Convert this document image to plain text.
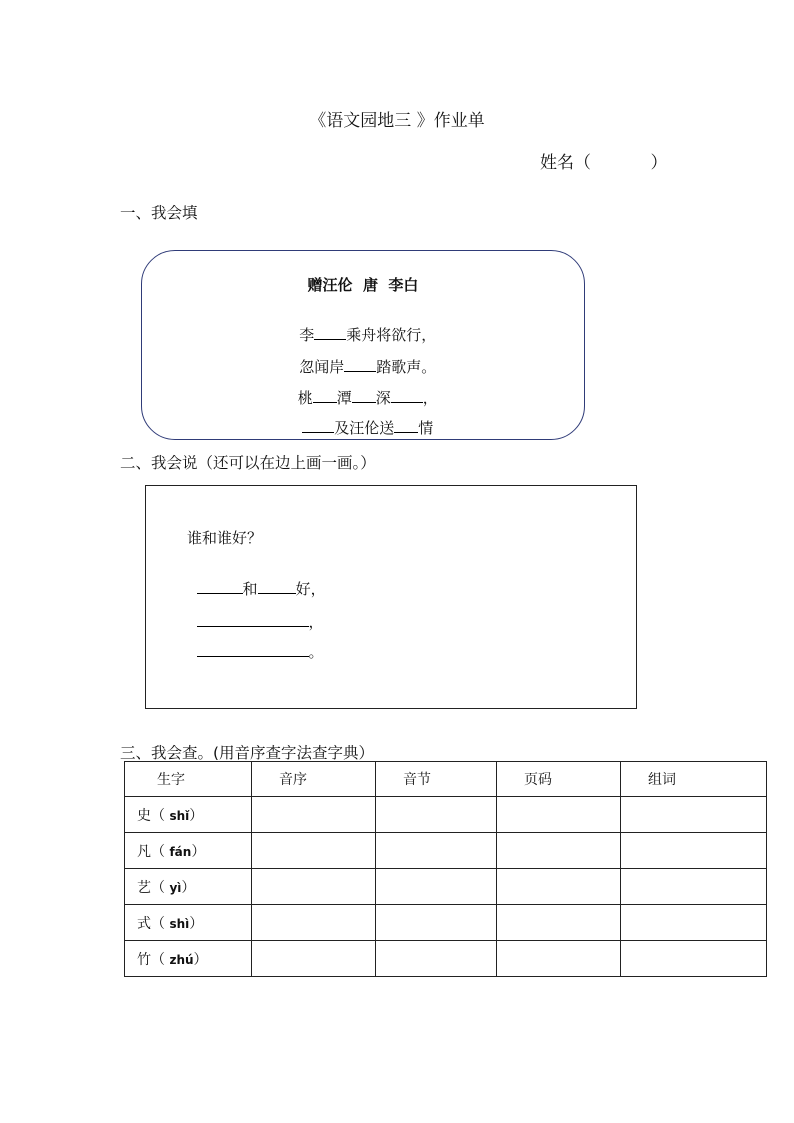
《语文园地三 》作业单
姓名（           ）
一、我会填
赠汪伦  唐  李白

李 乘舟将欲行，

忽闻岸 踏歌声。

桃 潭 深 ，

及汪伦送 情

二、我会说（还可以在边上画一画。）
谁和谁好？

和	好，

，

。

三、我会查。(用音序查字法查字典）
生字	音序	音节	页码	组词
史（ shǐ）				
凡（ fán）				
艺（ yì）				
式（ shì）				
竹（ zhú）				
